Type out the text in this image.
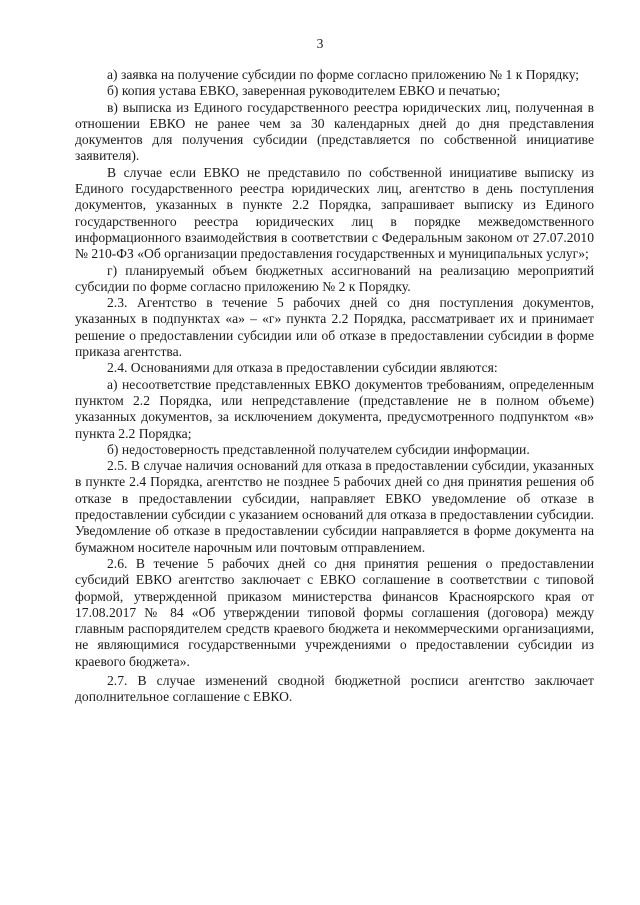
3

а) заявка на получение субсидии по форме согласно приложению № 1 к Порядку;

б) копия устава ЕВКО, заверенная руководителем ЕВКО и печатью;

в) выписка из Единого государственного реестра юридических лиц, полученная в отношении ЕВКО не ранее чем за 30 календарных дней до дня представления документов для получения субсидии (представляется по собственной инициативе заявителя).

В случае если ЕВКО не представило по собственной инициативе выписку из Единого государственного реестра юридических лиц, агентство в день поступления документов, указанных в пункте 2.2 Порядка, запрашивает выписку из Единого государственного реестра юридических лиц в порядке межведомственного информационного взаимодействия в соответствии с Федеральным законом от 27.07.2010 № 210-ФЗ «Об организации предоставления государственных и муниципальных услуг»;

г) планируемый объем бюджетных ассигнований на реализацию мероприятий субсидии по форме согласно приложению № 2 к Порядку.

2.3. Агентство в течение 5 рабочих дней со дня поступления документов, указанных в подпунктах «а» – «г» пункта 2.2 Порядка, рассматривает их и принимает решение о предоставлении субсидии или об отказе в предоставлении субсидии в форме приказа агентства.

2.4. Основаниями для отказа в предоставлении субсидии являются:

а) несоответствие представленных ЕВКО документов требованиям, определенным пунктом 2.2 Порядка, или непредставление (представление не в полном объеме) указанных документов, за исключением документа, предусмотренного подпунктом «в» пункта 2.2 Порядка;

б) недостоверность представленной получателем субсидии информации.

2.5. В случае наличия оснований для отказа в предоставлении субсидии, указанных в пункте 2.4 Порядка, агентство не позднее 5 рабочих дней со дня принятия решения об отказе в предоставлении субсидии, направляет ЕВКО уведомление об отказе в предоставлении субсидии с указанием оснований для отказа в предоставлении субсидии. Уведомление об отказе в предоставлении субсидии направляется в форме документа на бумажном носителе нарочным или почтовым отправлением.

2.6. В течение 5 рабочих дней со дня принятия решения о предоставлении субсидий ЕВКО агентство заключает с ЕВКО соглашение в соответствии с типовой формой, утвержденной приказом министерства финансов Красноярского края от 17.08.2017 № 84 «Об утверждении типовой формы соглашения (договора) между главным распорядителем средств краевого бюджета и некоммерческими организациями, не являющимися государственными учреждениями о предоставлении субсидии из краевого бюджета».

2.7. В случае изменений сводной бюджетной росписи агентство заключает дополнительное соглашение с ЕВКО.
